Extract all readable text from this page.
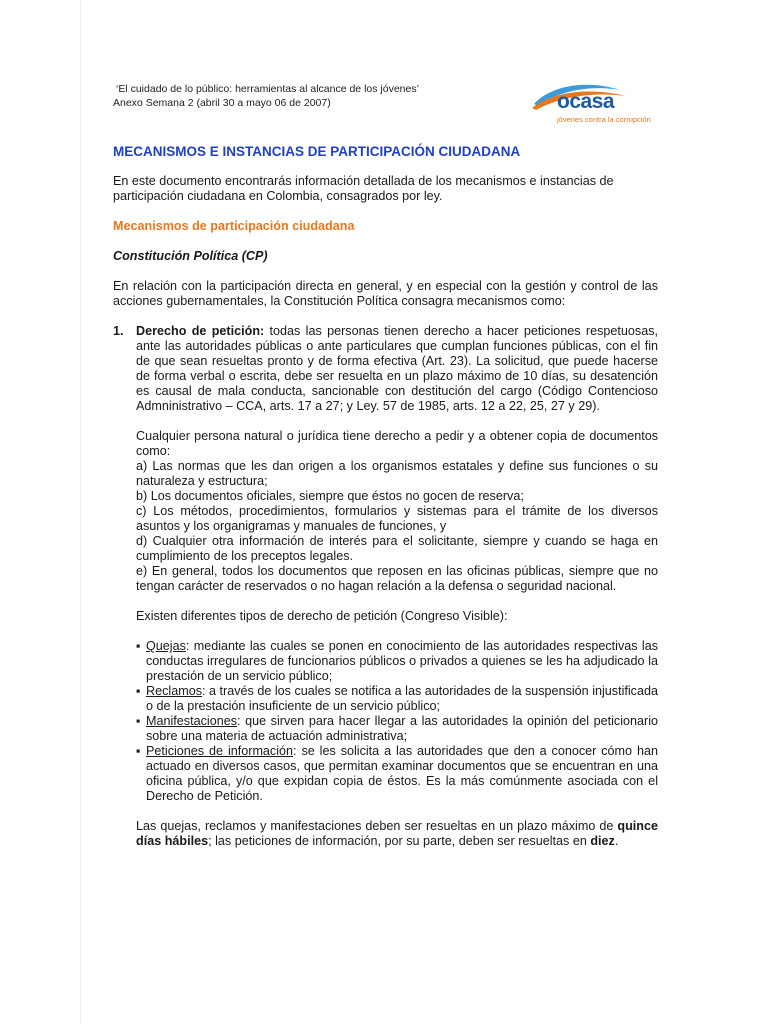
‘El cuidado de lo público: herramientas al alcance de los jóvenes’
Anexo Semana 2 (abril 30 a mayo 06 de 2007)	ocasa
jóvenes contra la corrupción
MECANISMOS E INSTANCIAS DE PARTICIPACIÓN CIUDADANA

En este documento encontrarás información detallada de los mecanismos e instancias de participación ciudadana en Colombia, consagrados por ley.

Mecanismos de participación ciudadana
Constitución Política (CP)

En relación con la participación directa en general, y en especial con la gestión y control de las acciones gubernamentales, la Constitución Política consagra mecanismos como:

1. Derecho de petición: todas las personas tienen derecho a hacer peticiones respetuosas, ante las autoridades públicas o ante particulares que cumplan funciones públicas, con el fin de que sean resueltas pronto y de forma efectiva (Art. 23). La solicitud, que puede hacerse de forma verbal o escrita, debe ser resuelta en un plazo máximo de 10 días, su desatención es causal de mala conducta, sancionable con destitución del cargo (Código Contencioso Admninistrativo – CCA, arts. 17 a 27; y Ley. 57 de 1985, arts. 12 a 22, 25, 27 y 29).

Cualquier persona natural o jurídica tiene derecho a pedir y a obtener copia de documentos como:

a) Las normas que les dan origen a los organismos estatales y define sus funciones o su naturaleza y estructura;
b) Los documentos oficiales, siempre que éstos no gocen de reserva;
c) Los métodos, procedimientos, formularios y sistemas para el trámite de los diversos asuntos y los organigramas y manuales de funciones, y
d) Cualquier otra información de interés para el solicitante, siempre y cuando se haga en cumplimiento de los preceptos legales.
e) En general, todos los documentos que reposen en las oficinas públicas, siempre que no tengan carácter de reservados o no hagan relación a la defensa o seguridad nacional.

Existen diferentes tipos de derecho de petición (Congreso Visible):

▪ Quejas: mediante las cuales se ponen en conocimiento de las autoridades respectivas las conductas irregulares de funcionarios públicos o privados a quienes se les ha adjudicado la prestación de un servicio público;
▪ Reclamos: a través de los cuales se notifica a las autoridades de la suspensión injustificada o de la prestación insuficiente de un servicio público;
▪ Manifestaciones: que sirven para hacer llegar a las autoridades la opinión del peticionario sobre una materia de actuación administrativa;
▪ Peticiones de información: se les solicita a las autoridades que den a conocer cómo han actuado en diversos casos, que permitan examinar documentos que se encuentran en una oficina pública, y/o que expidan copia de éstos. Es la más comúnmente asociada con el Derecho de Petición.

Las quejas, reclamos y manifestaciones deben ser resueltas en un plazo máximo de quince días hábiles; las peticiones de información, por su parte, deben ser resueltas en diez.
